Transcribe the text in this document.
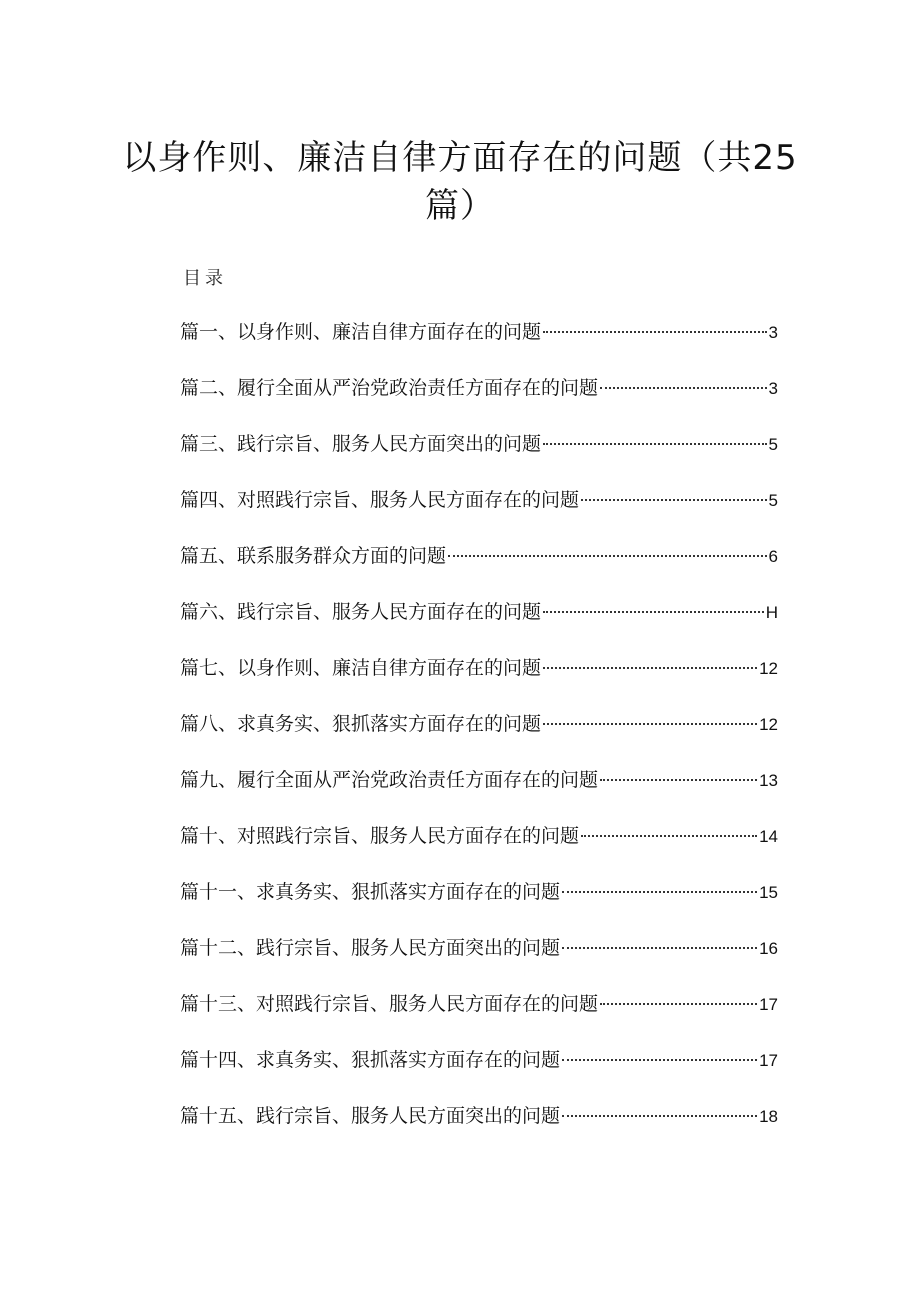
以身作则、廉洁自律方面存在的问题（共25
篇）

目录

篇一、以身作则、廉洁自律方面存在的问题	3
篇二、履行全面从严治党政治责任方面存在的问题	3
篇三、践行宗旨、服务人民方面突出的问题	5
篇四、对照践行宗旨、服务人民方面存在的问题	5
篇五、联系服务群众方面的问题	6
篇六、践行宗旨、服务人民方面存在的问题	H
篇七、以身作则、廉洁自律方面存在的问题	12
篇八、求真务实、狠抓落实方面存在的问题	12
篇九、履行全面从严治党政治责任方面存在的问题	13
篇十、对照践行宗旨、服务人民方面存在的问题	14
篇十一、求真务实、狠抓落实方面存在的问题	15
篇十二、践行宗旨、服务人民方面突出的问题	16
篇十三、对照践行宗旨、服务人民方面存在的问题	17
篇十四、求真务实、狠抓落实方面存在的问题	17
篇十五、践行宗旨、服务人民方面突出的问题	18
